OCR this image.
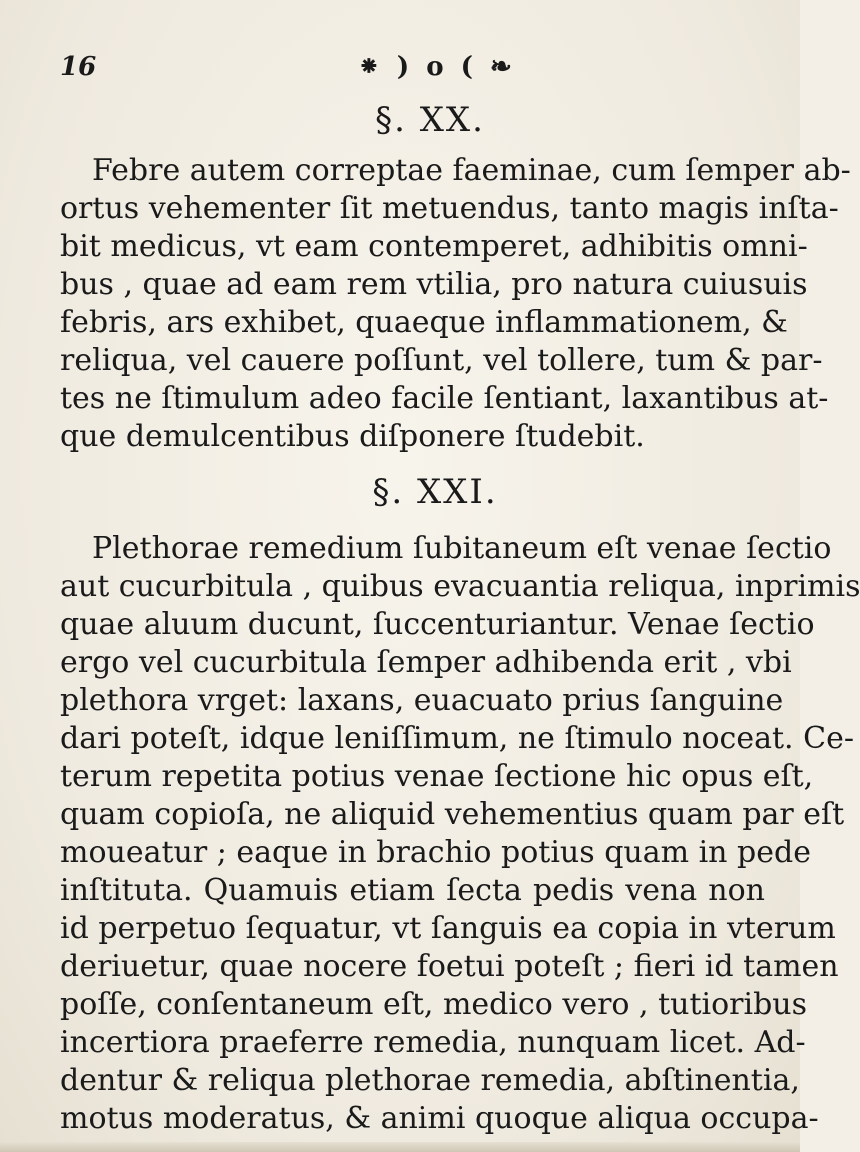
16	⁕ ) o ( ❧
§. XX.
Febre autem correptae faeminae, cum ſemper ab-
ortus vehementer ſit metuendus, tanto magis inſta-
bit medicus, vt eam contemperet, adhibitis omni-
bus , quae ad eam rem vtilia, pro natura cuiusuis
febris, ars exhibet, quaeque inflammationem, &
reliqua, vel cauere poſſunt, vel tollere, tum & par-
tes ne ſtimulum adeo facile ſentiant, laxantibus at-
que demulcentibus diſponere ſtudebit.
§. XXI.
Plethorae remedium ſubitaneum eſt venae ſectio
aut cucurbitula , quibus evacuantia reliqua, inprimis
quae aluum ducunt, ſuccenturiantur. Venae ſectio
ergo vel cucurbitula ſemper adhibenda erit , vbi
plethora vrget: laxans, euacuato prius ſanguine
dari poteſt, idque leniſſimum, ne ſtimulo noceat. Ce-
terum repetita potius venae ſectione hic opus eſt,
quam copioſa, ne aliquid vehementius quam par eſt
moueatur ; eaque in brachio potius quam in pede
inſtituta. Quamuis etiam ſecta pedis vena non
id perpetuo ſequatur, vt ſanguis ea copia in vterum
deriuetur, quae nocere foetui poteſt ; fieri id tamen
poſſe, conſentaneum eſt, medico vero , tutioribus
incertiora praeferre remedia, nunquam licet. Ad-
dentur & reliqua plethorae remedia, abſtinentia,
motus moderatus, & animi quoque aliqua occupa-
